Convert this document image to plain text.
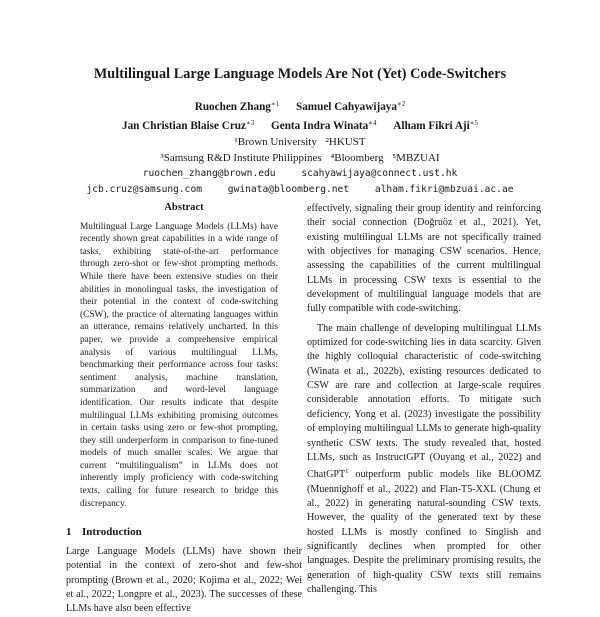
Multilingual Large Language Models Are Not (Yet) Code-Switchers
Ruochen Zhang$^{∗1}$ Samuel Cahyawijaya$^{∗2}$
Jan Christian Blaise Cruz$^{∗3}$ Genta Indra Winata$^{∗4}$ Alham Fikri Aji$^{∗5}$
¹Brown University ²HKUST
³Samsung R&D Institute Philippines ⁴Bloomberg ⁵MBZUAI
ruochen_zhang@brown.edu	scahyawijaya@connect.ust.hk
jcb.cruz@samsung.com	gwinata@bloomberg.net	alham.fikri@mbzuai.ac.ae
Abstract

Multilingual Large Language Models (LLMs) have recently shown great capabilities in a wide range of tasks, exhibiting state-of-the-art performance through zero-shot or few-shot prompting methods. While there have been extensive studies on their abilities in monolingual tasks, the investigation of their potential in the context of code-switching (CSW), the practice of alternating languages within an utterance, remains relatively uncharted. In this paper, we provide a comprehensive empirical analysis of various multilingual LLMs, benchmarking their performance across four tasks: sentiment analysis, machine translation, summarization and word-level language identification. Our results indicate that despite multilingual LLMs exhibiting promising outcomes in certain tasks using zero or few-shot prompting, they still underperform in comparison to fine-tuned models of much smaller scales. We argue that current “multilingualism” in LLMs does not inherently imply proficiency with code-switching texts, calling for future research to bridge this discrepancy.

1 Introduction

Large Language Models (LLMs) have shown their potential in the context of zero-shot and few-shot prompting (Brown et al., 2020; Kojima et al., 2022; Wei et al., 2022; Longpre et al., 2023). The successes of these LLMs have also been effective

effectively, signaling their group identity and reinforcing their social connection (Doğruöz et al., 2021). Yet, existing multilingual LLMs are not specifically trained with objectives for managing CSW scenarios. Hence, assessing the capabilities of the current multilingual LLMs in processing CSW texts is essential to the development of multilingual language models that are fully compatible with code-switching.

The main challenge of developing multilingual LLMs optimized for code-switching lies in data scarcity. Given the highly colloquial characteristic of code-switching (Winata et al., 2022b), existing resources dedicated to CSW are rare and collection at large-scale requires considerable annotation efforts. To mitigate such deficiency, Yong et al. (2023) investigate the possibility of employing multilingual LLMs to generate high-quality synthetic CSW texts. The study revealed that, hosted LLMs, such as InstructGPT (Ouyang et al., 2022) and ChatGPT$^1$ outperform public models like BLOOMZ (Muennighoff et al., 2022) and Flan-T5-XXL (Chung et al., 2022) in generating natural-sounding CSW texts. However, the quality of the generated text by these hosted LLMs is mostly confined to Singlish and significantly declines when prompted for other languages. Despite the preliminary promising results, the generation of high-quality CSW texts still remains challenging. This
